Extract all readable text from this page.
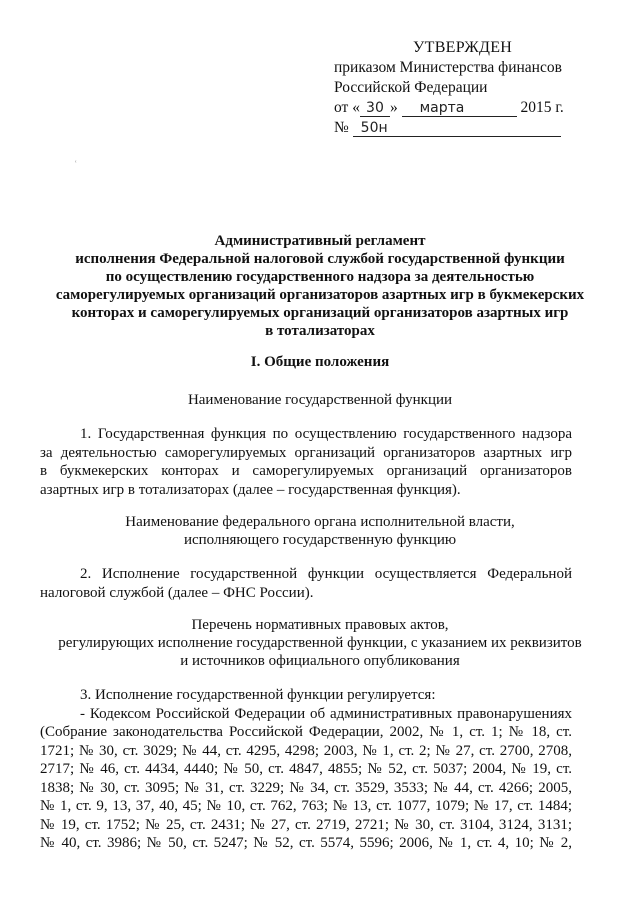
УТВЕРЖДЕН
приказом Министерства финансов
Российской Федерации
от « 30 » марта	2015 г.
№ 50н
ʿ
Административный регламент
исполнения Федеральной налоговой службой государственной функции
по осуществлению государственного надзора за деятельностью
саморегулируемых организаций организаторов азартных игр в букмекерских
конторах и саморегулируемых организаций организаторов азартных игр
в тотализаторах
I. Общие положения
Наименование государственной функции
1. Государственная функция по осуществлению государственного надзора
за деятельностью саморегулируемых организаций организаторов азартных игр
в букмекерских конторах и саморегулируемых организаций организаторов
азартных игр в тотализаторах (далее – государственная функция).
Наименование федерального органа исполнительной власти,
исполняющего государственную функцию
2. Исполнение государственной функции осуществляется Федеральной
налоговой службой (далее – ФНС России).
Перечень нормативных правовых актов,
регулирующих исполнение государственной функции, с указанием их реквизитов
и источников официального опубликования
3. Исполнение государственной функции регулируется:
- Кодексом Российской Федерации об административных правонарушениях
(Собрание законодательства Российской Федерации, 2002, № 1, ст. 1; № 18, ст.
1721; № 30, ст. 3029; № 44, ст. 4295, 4298; 2003, № 1, ст. 2; № 27, ст. 2700, 2708,
2717; № 46, ст. 4434, 4440; № 50, ст. 4847, 4855; № 52, ст. 5037; 2004, № 19, ст.
1838; № 30, ст. 3095; № 31, ст. 3229; № 34, ст. 3529, 3533; № 44, ст. 4266; 2005,
№ 1, ст. 9, 13, 37, 40, 45; № 10, ст. 762, 763; № 13, ст. 1077, 1079; № 17, ст. 1484;
№ 19, ст. 1752; № 25, ст. 2431; № 27, ст. 2719, 2721; № 30, ст. 3104, 3124, 3131;
№ 40, ст. 3986; № 50, ст. 5247; № 52, ст. 5574, 5596; 2006, № 1, ст. 4, 10; № 2,
